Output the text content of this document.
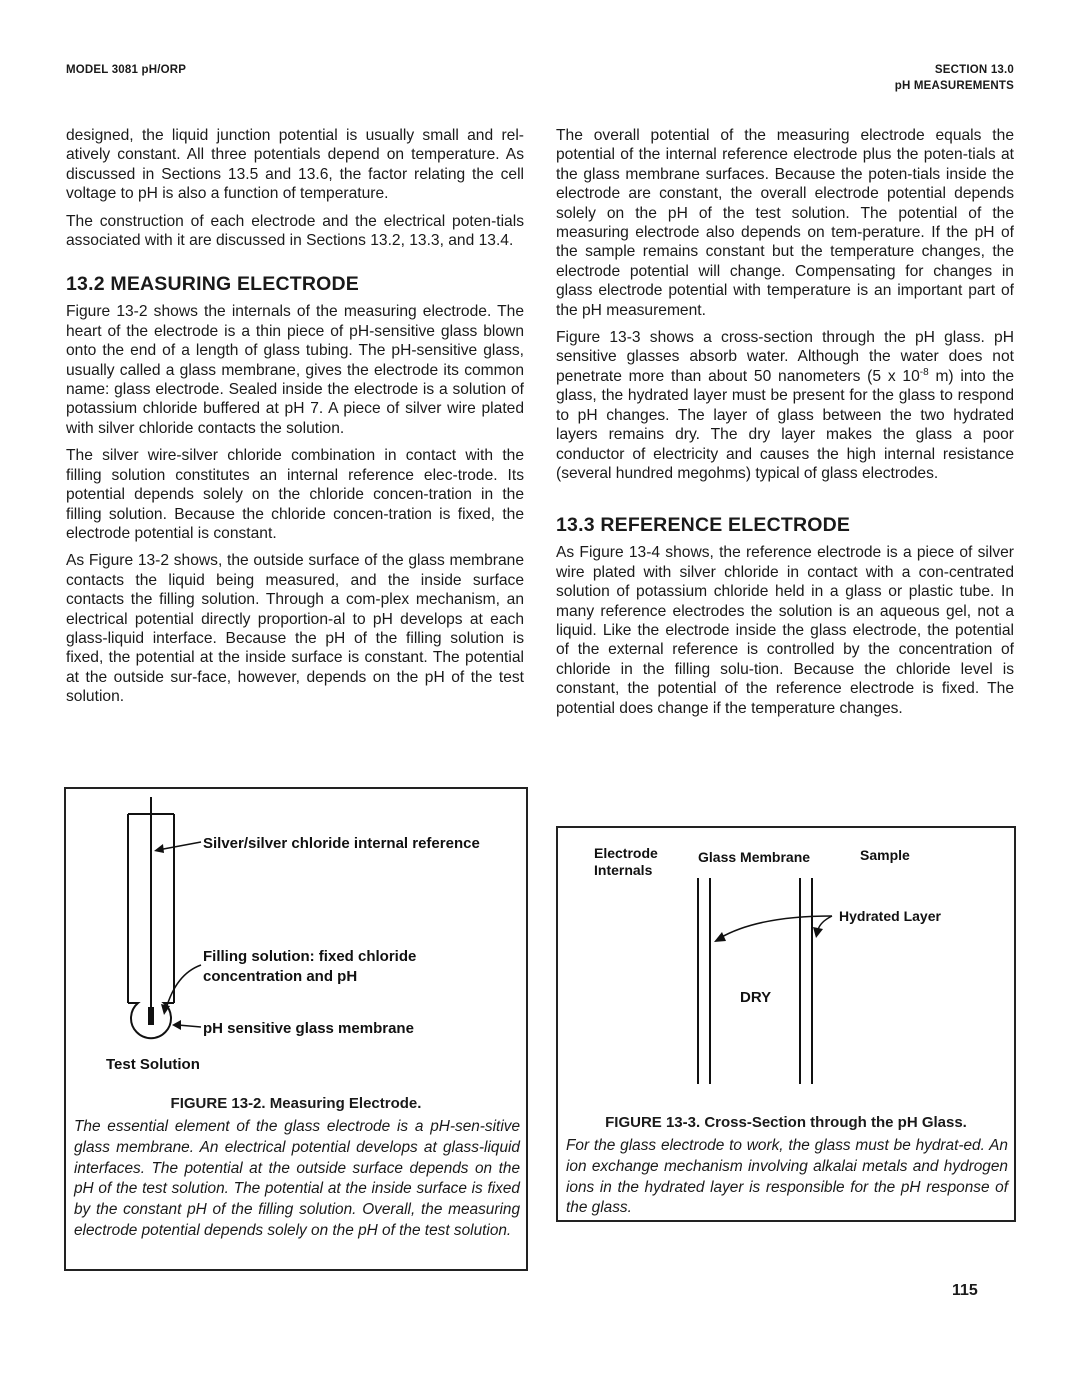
MODEL 3081 pH/ORP	SECTION 13.0
pH MEASUREMENTS

designed, the liquid junction potential is usually small and rel-atively constant. All three potentials depend on temperature. As discussed in Sections 13.5 and 13.6, the factor relating the cell voltage to pH is also a function of temperature.

The construction of each electrode and the electrical poten-tials associated with it are discussed in Sections 13.2, 13.3, and 13.4.

13.2 MEASURING ELECTRODE

Figure 13-2 shows the internals of the measuring electrode. The heart of the electrode is a thin piece of pH-sensitive glass blown onto the end of a length of glass tubing. The pH-sensitive glass, usually called a glass membrane, gives the electrode its common name: glass electrode. Sealed inside the electrode is a solution of potassium chloride buffered at pH 7. A piece of silver wire plated with silver chloride contacts the solution.

The silver wire-silver chloride combination in contact with the filling solution constitutes an internal reference elec-trode. Its potential depends solely on the chloride concen-tration in the filling solution. Because the chloride concen-tration is fixed, the electrode potential is constant.

As Figure 13-2 shows, the outside surface of the glass membrane contacts the liquid being measured, and the inside surface contacts the filling solution. Through a com-plex mechanism, an electrical potential directly proportion-al to pH develops at each glass-liquid interface. Because the pH of the filling solution is fixed, the potential at the inside surface is constant. The potential at the outside sur-face, however, depends on the pH of the test solution.

The overall potential of the measuring electrode equals the potential of the internal reference electrode plus the poten-tials at the glass membrane surfaces. Because the poten-tials inside the electrode are constant, the overall electrode potential depends solely on the pH of the test solution. The potential of the measuring electrode also depends on tem-perature. If the pH of the sample remains constant but the temperature changes, the electrode potential will change. Compensating for changes in glass electrode potential with temperature is an important part of the pH measurement.

Figure 13-3 shows a cross-section through the pH glass. pH sensitive glasses absorb water. Although the water does not penetrate more than about 50 nanometers (5 x $10^{-8}$ m) into the glass, the hydrated layer must be present for the glass to respond to pH changes. The layer of glass between the two hydrated layers remains dry. The dry layer makes the glass a poor conductor of electricity and causes the high internal resistance (several hundred megohms) typical of glass electrodes.

13.3 REFERENCE ELECTRODE

As Figure 13-4 shows, the reference electrode is a piece of silver wire plated with silver chloride in contact with a con-centrated solution of potassium chloride held in a glass or plastic tube. In many reference electrodes the solution is an aqueous gel, not a liquid. Like the electrode inside the glass electrode, the potential of the external reference is controlled by the concentration of chloride in the filling solu-tion. Because the chloride level is constant, the potential of the reference electrode is fixed. The potential does change if the temperature changes.

Silver/silver chloride internal reference
Filling solution: fixed chloride
concentration and pH
pH sensitive glass membrane
Test Solution
FIGURE 13-2. Measuring Electrode.
The essential element of the glass electrode is a pH-sen-sitive glass membrane. An electrical potential develops at glass-liquid interfaces. The potential at the outside surface depends on the pH of the test solution. The potential at the inside surface is fixed by the constant pH of the filling solution. Overall, the measuring electrode potential depends solely on the pH of the test solution.
Electrode
Internals
Glass Membrane	Sample
Hydrated Layer
DRY
FIGURE 13-3. Cross-Section through the pH Glass.
For the glass electrode to work, the glass must be hydrat-ed. An ion exchange mechanism involving alkalai metals and hydrogen ions in the hydrated layer is responsible for the pH response of the glass.
115
